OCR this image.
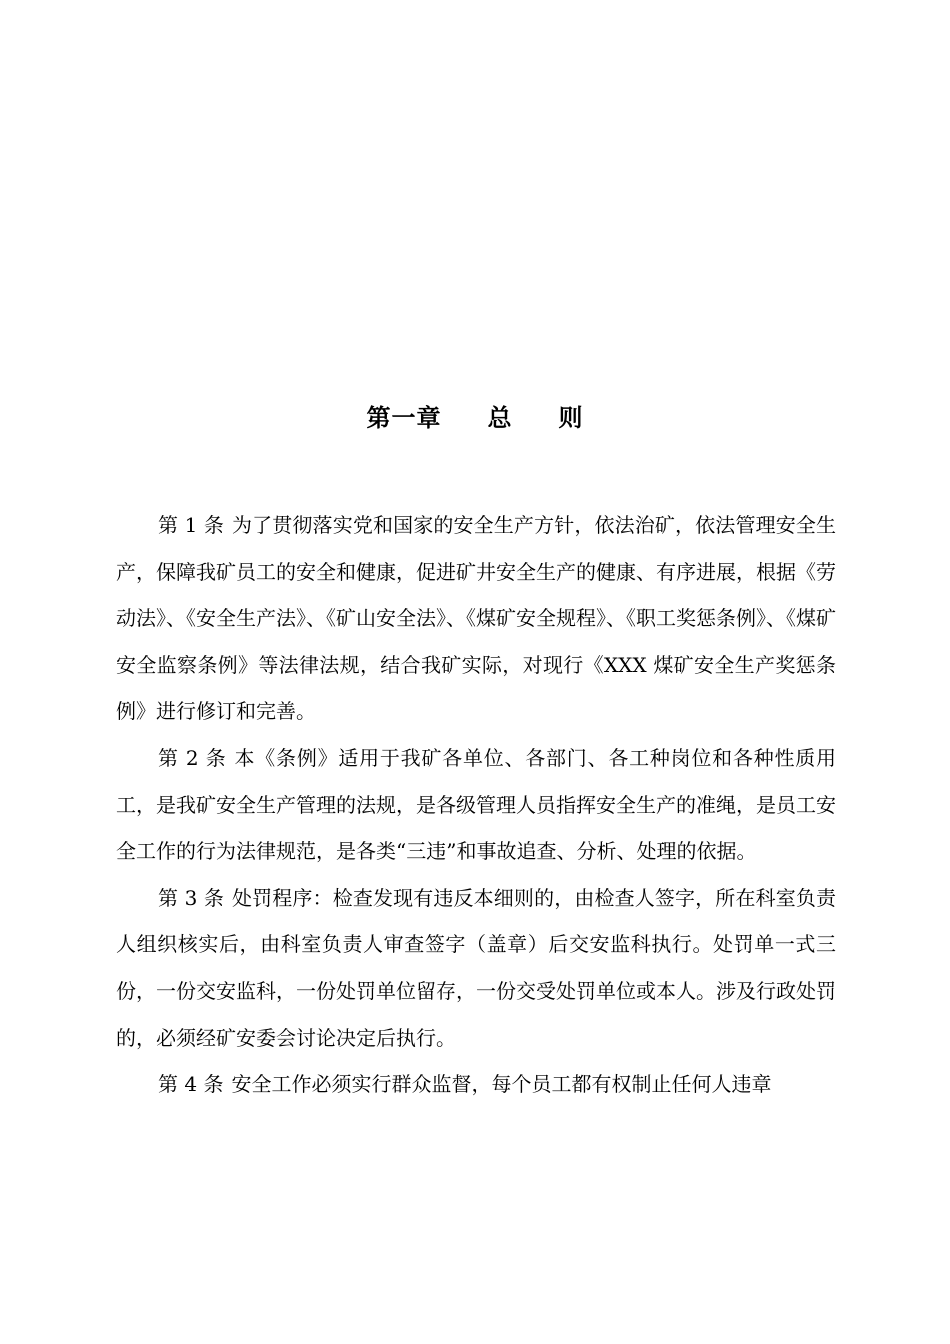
第一章 总 则

第 1 条 为了贯彻落实党和国家的安全生产方针，依法治矿，依法管理安全生产，保障我矿员工的安全和健康，促进矿井安全生产的健康、有序进展，根据《劳动法》、《安全生产法》、《矿山安全法》、《煤矿安全规程》、《职工奖惩条例》、《煤矿安全监察条例》等法律法规，结合我矿实际，对现行《XXX 煤矿安全生产奖惩条例》进行修订和完善。

第 2 条 本《条例》适用于我矿各单位、各部门、各工种岗位和各种性质用工，是我矿安全生产管理的法规，是各级管理人员指挥安全生产的准绳，是员工安全工作的行为法律规范，是各类“三违”和事故追查、分析、处理的依据。

第 3 条 处罚程序：检查发现有违反本细则的，由检查人签字，所在科室负责人组织核实后，由科室负责人审查签字（盖章）后交安监科执行。处罚单一式三份，一份交安监科，一份处罚单位留存，一份交受处罚单位或本人。涉及行政处罚的，必须经矿安委会讨论决定后执行。

第 4 条 安全工作必须实行群众监督，每个员工都有权制止任何人违章
